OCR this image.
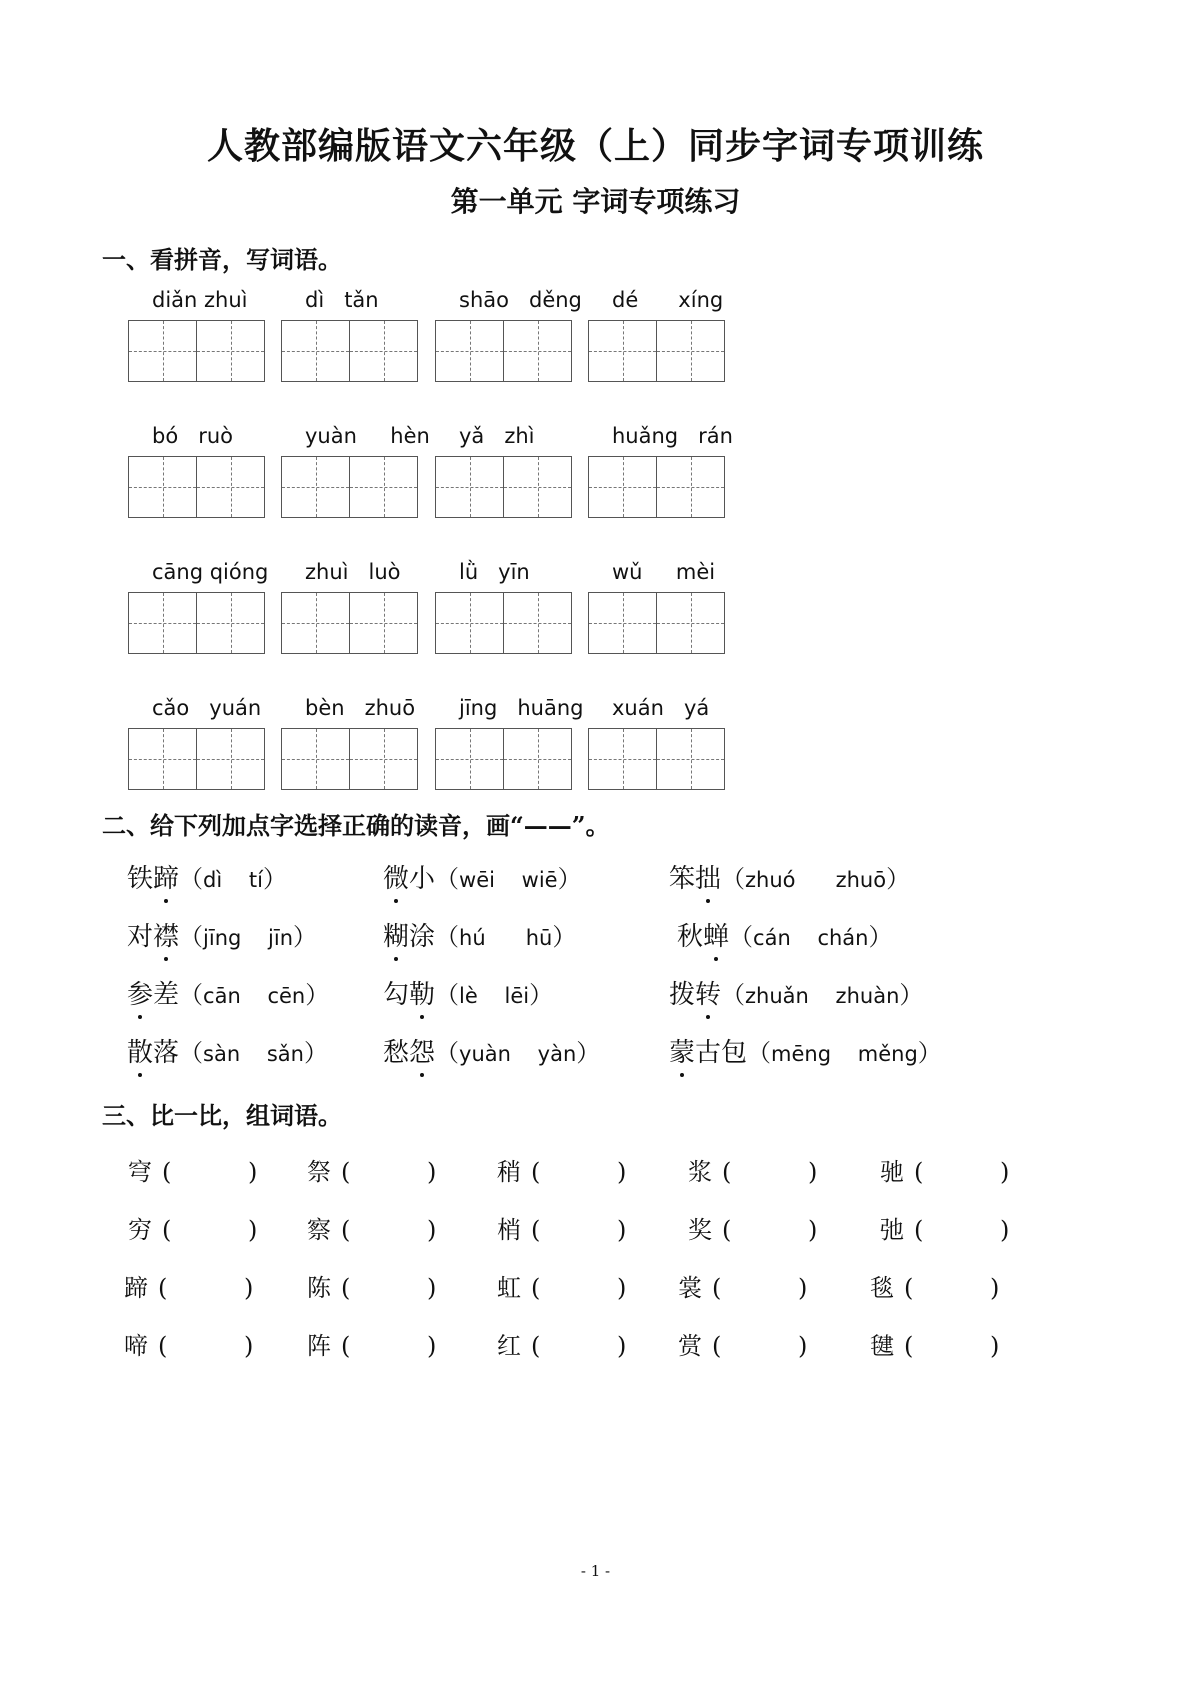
人教部编版语文六年级（上）同步字词专项训练
第一单元 字词专项练习
一、看拼音，写词语。
diǎn zhuì	dì   tǎn	shāo   děng	dé      xíng
bó   ruò	yuàn     hèn	yǎ   zhì	huǎng   rán
cāng qióng	zhuì   luò	lǜ   yīn	wǔ     mèi
cǎo   yuán	bèn   zhuō	jīng   huāng	xuán   yá
二、给下列加点字选择正确的读音，画“——”。
铁蹄（dì    tí）	微小（wēi    wiē）	笨拙（zhuó      zhuō）
对襟（jīng    jīn）	糊涂（hú      hū）	秋蝉（cán    chán）
参差（cān    cēn） 勾勒（lè    lēi）	拨转（zhuǎn    zhuàn）
散落（sàn    sǎn） 愁怨（yuàn    yàn）	蒙古包（mēng    měng）
三、比一比，组词语。
穹 (	) 祭 (	)	稍 (	)	浆 (	)	驰 (	)
穷 (	) 察 (	)	梢 (	)	奖 (	)	弛 (	)
蹄 (	) 陈 (	)	虹 (	) 裳 (	)	毯 (	)
啼 (	) 阵 (	)	红 (	) 赏 (	)	毽 (	)
- 1 -
